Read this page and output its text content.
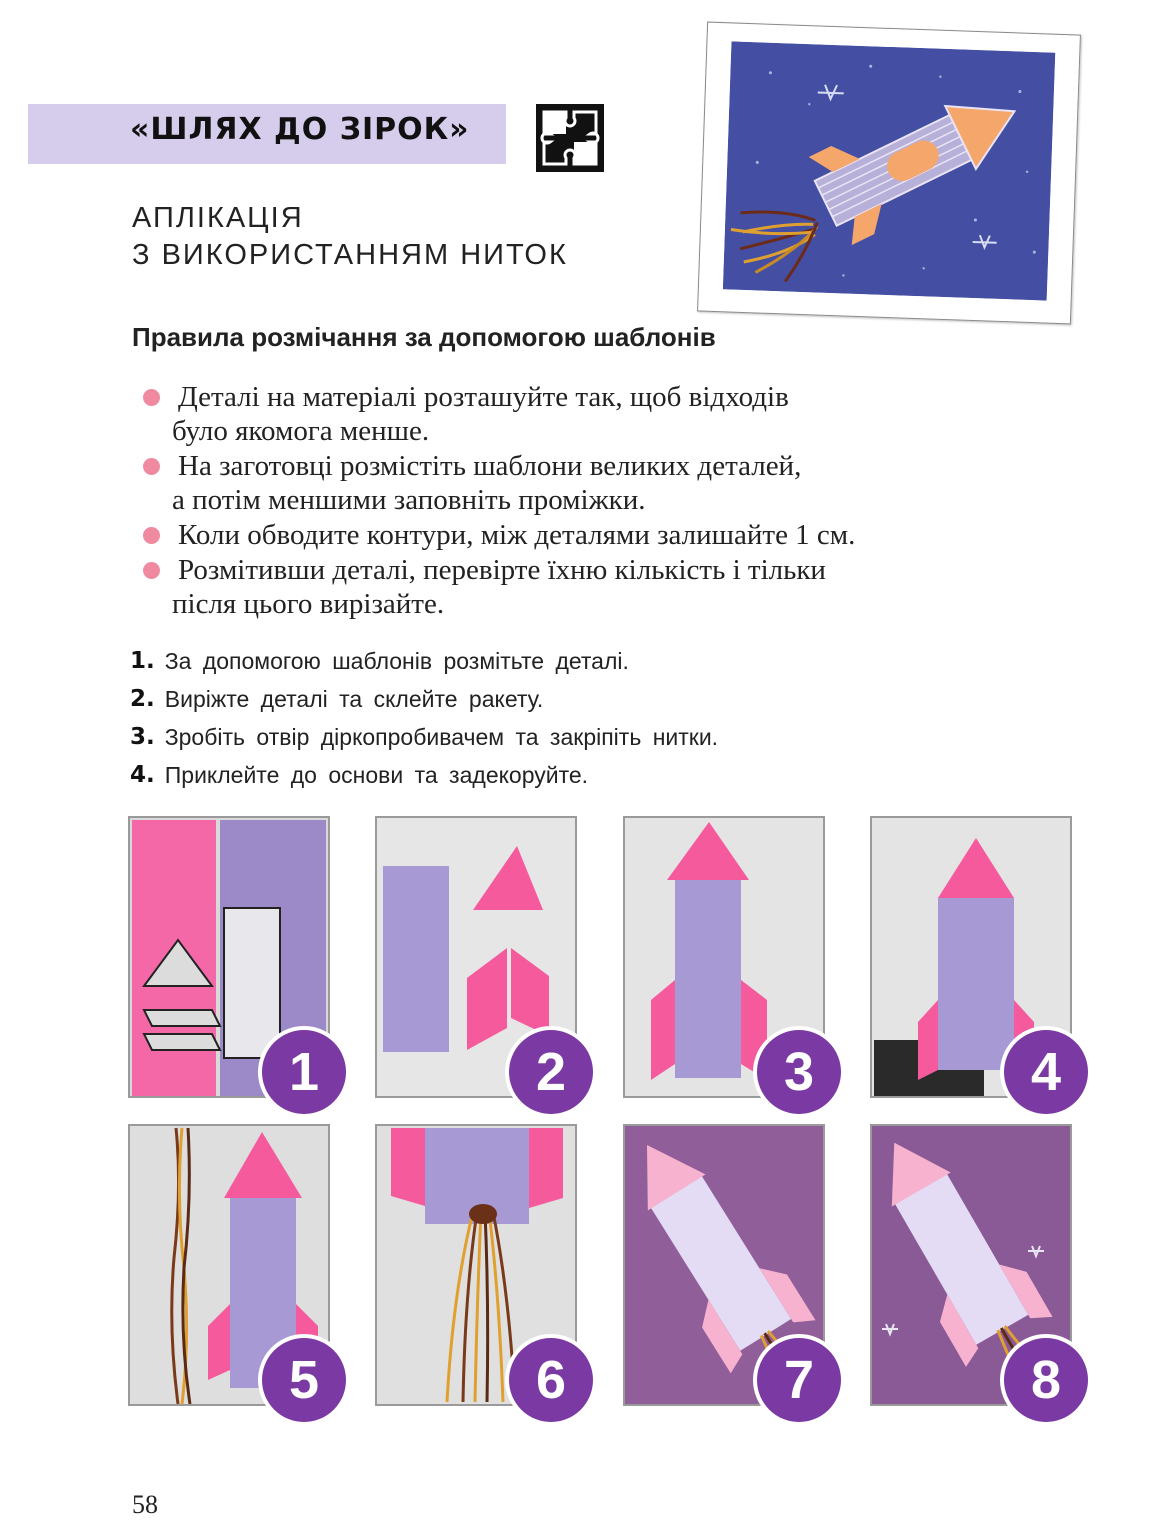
«ШЛЯХ ДО ЗІРОК»
АПЛІКАЦІЯ
З ВИКОРИСТАННЯМ НИТОК
Правила розмічання за допомогою шаблонів
Деталі на матеріалі розташуйте так, щоб відходів
було якомога менше.
На заготовці розмістіть шаблони великих деталей,
а потім меншими заповніть проміжки.
Коли обводите контури, між деталями залишайте 1 см.
Розмітивши деталі, перевірте їхню кількість і тільки
після цього вирізайте.
1. За допомогою шаблонів розмітьте деталі.
2. Виріжте деталі та склейте ракету.
3. Зробіть отвір діркопробивачем та закріпіть нитки.
4. Приклейте до основи та задекоруйте.
1	2	3	4
5	6	7	8
58
